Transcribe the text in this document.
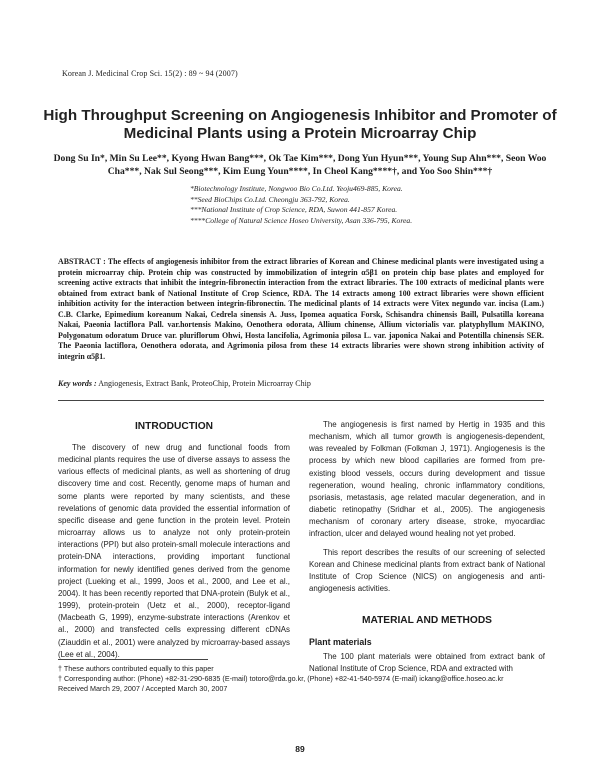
Korean J. Medicinal Crop Sci. 15(2) : 89 ~ 94 (2007)
High Throughput Screening on Angiogenesis Inhibitor and Promoter of Medicinal Plants using a Protein Microarray Chip
Dong Su In*, Min Su Lee**, Kyong Hwan Bang***, Ok Tae Kim***, Dong Yun Hyun***, Young Sup Ahn***, Seon Woo Cha***, Nak Sul Seong***, Kim Eung Youn****, In Cheol Kang****†, and Yoo Soo Shin***†
*Biotechnology Institute, Nongwoo Bio Co.Ltd. Yeoju469-885, Korea.
**Seed BioChips Co.Ltd. Cheongju 363-792, Korea.
***National Institute of Crop Science, RDA, Suwon 441-857 Korea.
****College of Natural Science Hoseo University, Asan 336-795, Korea.
ABSTRACT : The effects of angiogenesis inhibitor from the extract libraries of Korean and Chinese medicinal plants were investigated using a protein microarray chip. Protein chip was constructed by immobilization of integrin α5β1 on protein chip base plates and employed for screening active extracts that inhibit the integrin-fibronectin interaction from the extract libraries. The 100 extracts of medicinal plants were obtained from extract bank of National Institute of Crop Science, RDA. The 14 extracts among 100 extract libraries were shown efficient inhibition activity for the interaction between integrin-fibronectin. The medicinal plants of 14 extracts were Vitex negundo var. incisa (Lam.) C.B. Clarke, Epimedium koreanum Nakai, Cedrela sinensis A. Juss, Ipomea aquatica Forsk, Schisandra chinensis Baill, Pulsatilla koreana Nakai, Paeonia lactiflora Pall. var.hortensis Makino, Oenothera odorata, Allium chinense, Allium victorialis var. platyphyllum MAKINO, Polygonatum odoratum Druce var. pluriflorum Ohwi, Hosta lancifolia, Agrimonia pilosa L. var. japonica Nakai and Potentilla chinensis SER. The Paeonia lactiflora, Oenothera odorata, and Agrimonia pilosa from these 14 extracts libraries were shown strong inhibition activity of integrin α5β1.
Key words : Angiogenesis, Extract Bank, ProteoChip, Protein Microarray Chip
INTRODUCTION

The discovery of new drug and functional foods from medicinal plants requires the use of diverse assays to assess the various effects of medicinal plants, as well as shortening of drug discovery time and cost. Recently, genome maps of human and some plants were reported by many scientists, and these revelations of genomic data provided the essential information of specific disease and gene function in the protein level. Protein microarray allows us to analyze not only protein-protein interactions (PPI) but also protein-small molecule interactions and protein-DNA interactions, providing important functional information for newly identified genes derived from the genome project (Lueking et al., 1999, Joos et al., 2000, and Lee et al., 2004). It has been recently reported that DNA-protein (Bulyk et al., 1999), protein-protein (Uetz et al., 2000), receptor-ligand (Macbeath G, 1999), enzyme-substrate interactions (Arenkov et al., 2000) and transfected cells expressing different cDNAs (Ziauddin et al., 2001) were analyzed by microarray-based assays (Lee et al., 2004).

The angiogenesis is first named by Hertig in 1935 and this mechanism, which all tumor growth is angiogenesis-dependent, was revealed by Folkman (Folkman J, 1971). Angiogenesis is the process by which new blood capillaries are formed from pre-existing blood vessels, occurs during development and tissue regeneration, wound healing, chronic inflammatory conditions, psoriasis, metastasis, age related macular degeneration, and in diabetic retinopathy (Sridhar et al., 2005). The angiogenesis mechanism of coronary artery disease, stroke, myocardiac infraction, ulcer and delayed wound healing not yet probed.

This report describes the results of our screening of selected Korean and Chinese medicinal plants from extract bank of National Institute of Crop Science (NICS) on angiogenesis and anti-angiogenesis activities.

MATERIAL AND METHODS
Plant materials

The 100 plant materials were obtained from extract bank of National Institute of Crop Science, RDA and extracted with

† These authors contributed equally to this paper
† Corresponding author: (Phone) +82-31-290-6835 (E-mail) totoro@rda.go.kr, (Phone) +82-41-540-5974 (E-mail) ickang@office.hoseo.ac.kr
Received March 29, 2007 / Accepted March 30, 2007
89
